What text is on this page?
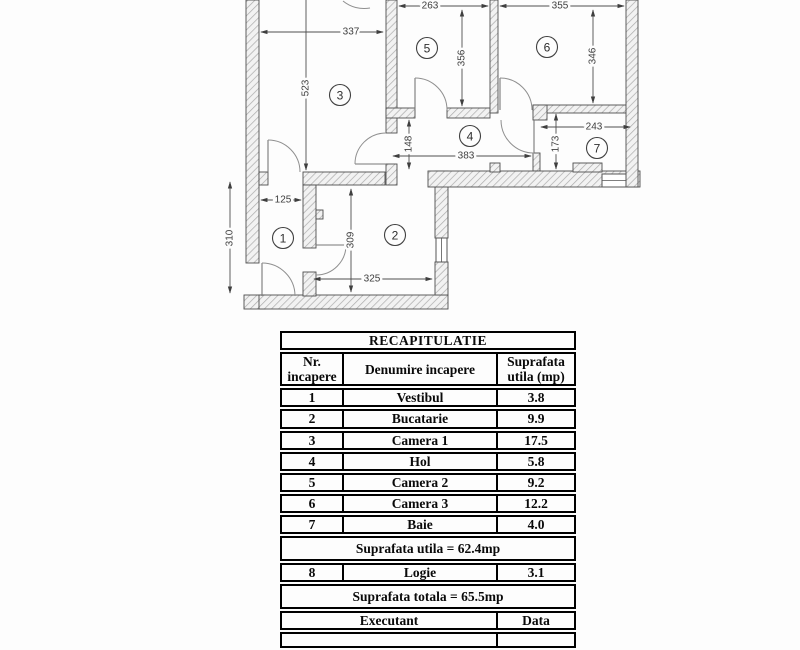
337
523
263	355
356	346
148
383
243
173
125
309
325
310
3
5	6
4
7
1	2
RECAPITULATIE		
Nr. incapere	Denumire incapere	Suprafata utila (mp)
1	Vestibul	3.8
2	Bucatarie	9.9
3	Camera 1	17.5
4	Hol	5.8
5	Camera 2	9.2
6	Camera 3	12.2
7	Baie	4.0
Suprafata utila = 62.4mp		
8	Logie	3.1
Suprafata totala = 65.5mp		
Executant		Data
